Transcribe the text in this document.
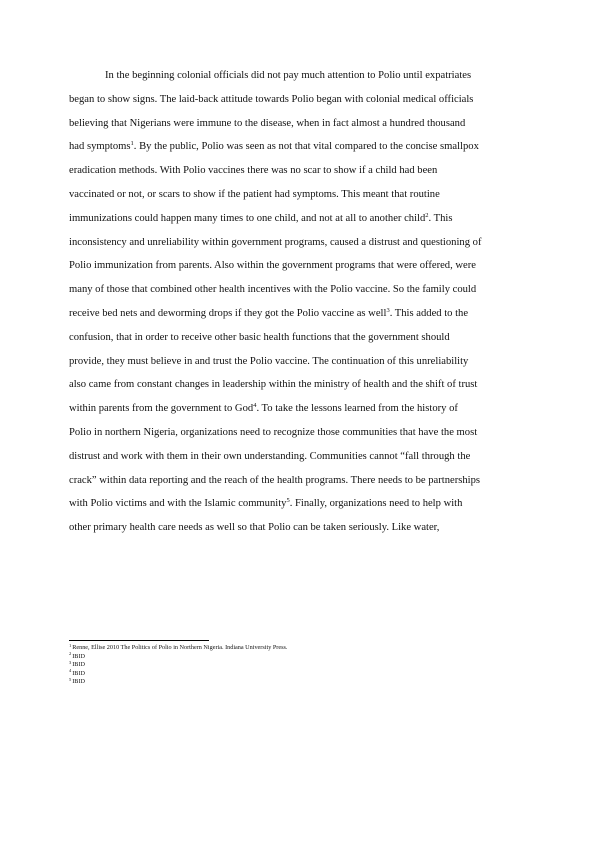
In the beginning colonial officials did not pay much attention to Polio until expatriates
began to show signs. The laid-back attitude towards Polio began with colonial medical officials
believing that Nigerians were immune to the disease, when in fact almost a hundred thousand
had symptoms$^1$. By the public, Polio was seen as not that vital compared to the concise smallpox
eradication methods. With Polio vaccines there was no scar to show if a child had been
vaccinated or not, or scars to show if the patient had symptoms. This meant that routine
immunizations could happen many times to one child, and not at all to another child$^2$. This
inconsistency and unreliability within government programs, caused a distrust and questioning of
Polio immunization from parents. Also within the government programs that were offered, were
many of those that combined other health incentives with the Polio vaccine. So the family could
receive bed nets and deworming drops if they got the Polio vaccine as well$^3$. This added to the
confusion, that in order to receive other basic health functions that the government should
provide, they must believe in and trust the Polio vaccine. The continuation of this unreliability
also came from constant changes in leadership within the ministry of health and the shift of trust
within parents from the government to God$^4$. To take the lessons learned from the history of
Polio in northern Nigeria, organizations need to recognize those communities that have the most
distrust and work with them in their own understanding. Communities cannot “fall through the
crack” within data reporting and the reach of the health programs. There needs to be partnerships
with Polio victims and with the Islamic community$^5$. Finally, organizations need to help with
other primary health care needs as well so that Polio can be taken seriously. Like water,
$^1$Renne, Ellise 2010 The Politics of Polio in Northern Nigeria. Indiana University Press.
$^2$IBID
$^3$IBID
$^4$IBID
$^5$IBID
